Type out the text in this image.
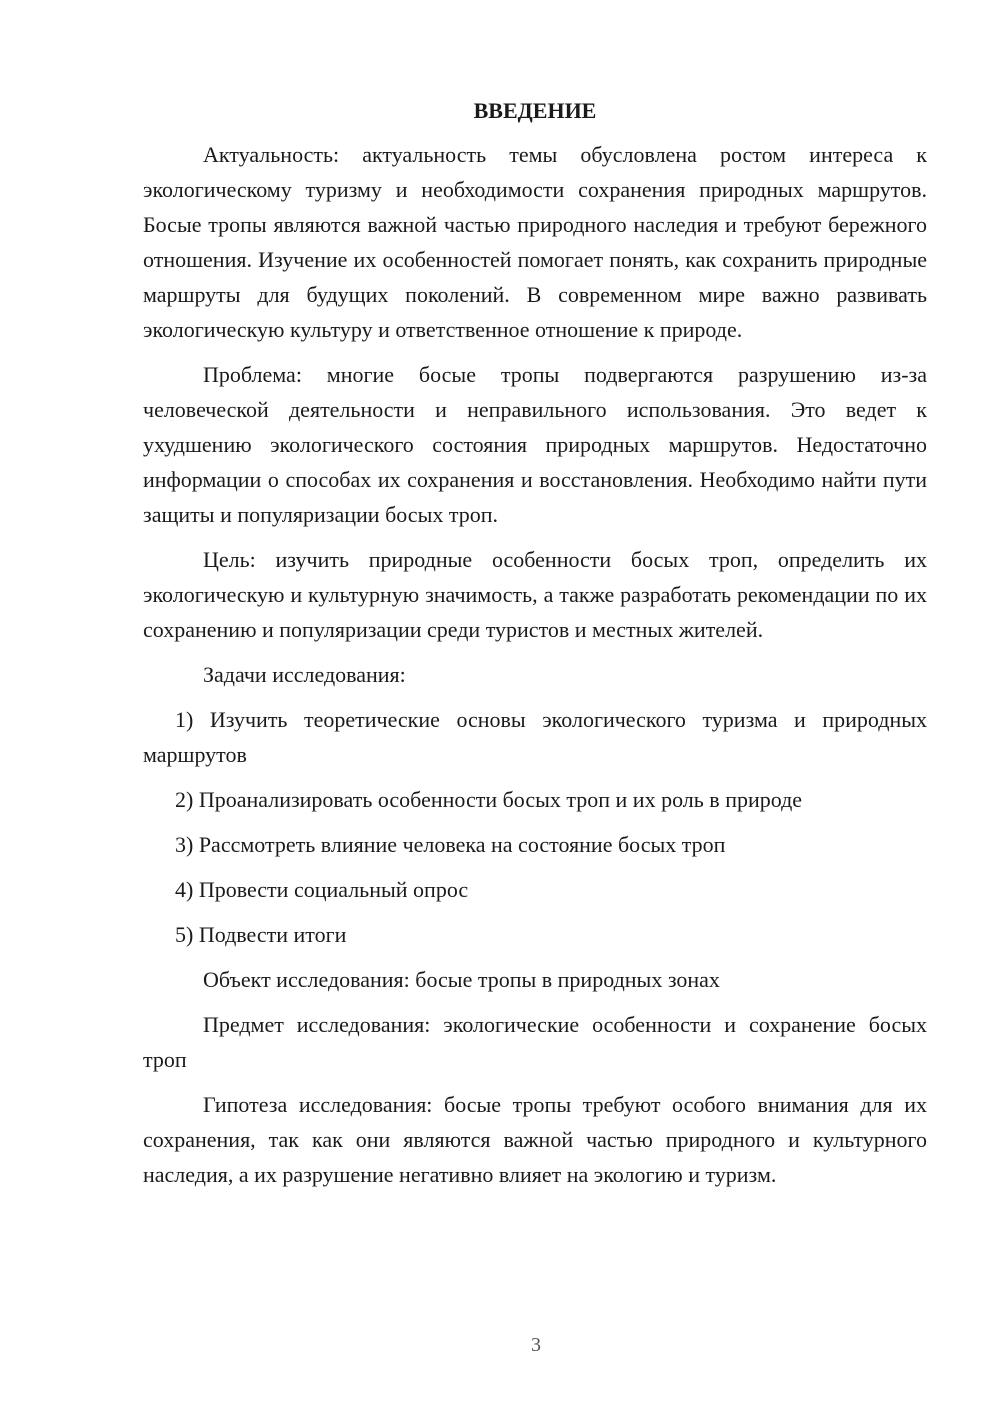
ВВЕДЕНИЕ

Актуальность: актуальность темы обусловлена ростом интереса к экологическому туризму и необходимости сохранения природных маршрутов. Босые тропы являются важной частью природного наследия и требуют бережного отношения. Изучение их особенностей помогает понять, как сохранить природные маршруты для будущих поколений. В современном мире важно развивать экологическую культуру и ответственное отношение к природе.

Проблема: многие босые тропы подвергаются разрушению из-за человеческой деятельности и неправильного использования. Это ведет к ухудшению экологического состояния природных маршрутов. Недостаточно информации о способах их сохранения и восстановления. Необходимо найти пути защиты и популяризации босых троп.

Цель: изучить природные особенности босых троп, определить их экологическую и культурную значимость, а также разработать рекомендации по их сохранению и популяризации среди туристов и местных жителей.

Задачи исследования:

1) Изучить теоретические основы экологического туризма и природных маршрутов

2) Проанализировать особенности босых троп и их роль в природе

3) Рассмотреть влияние человека на состояние босых троп

4) Провести социальный опрос

5) Подвести итоги

Объект исследования: босые тропы в природных зонах

Предмет исследования: экологические особенности и сохранение босых троп

Гипотеза исследования: босые тропы требуют особого внимания для их сохранения, так как они являются важной частью природного и культурного наследия, а их разрушение негативно влияет на экологию и туризм.

3
